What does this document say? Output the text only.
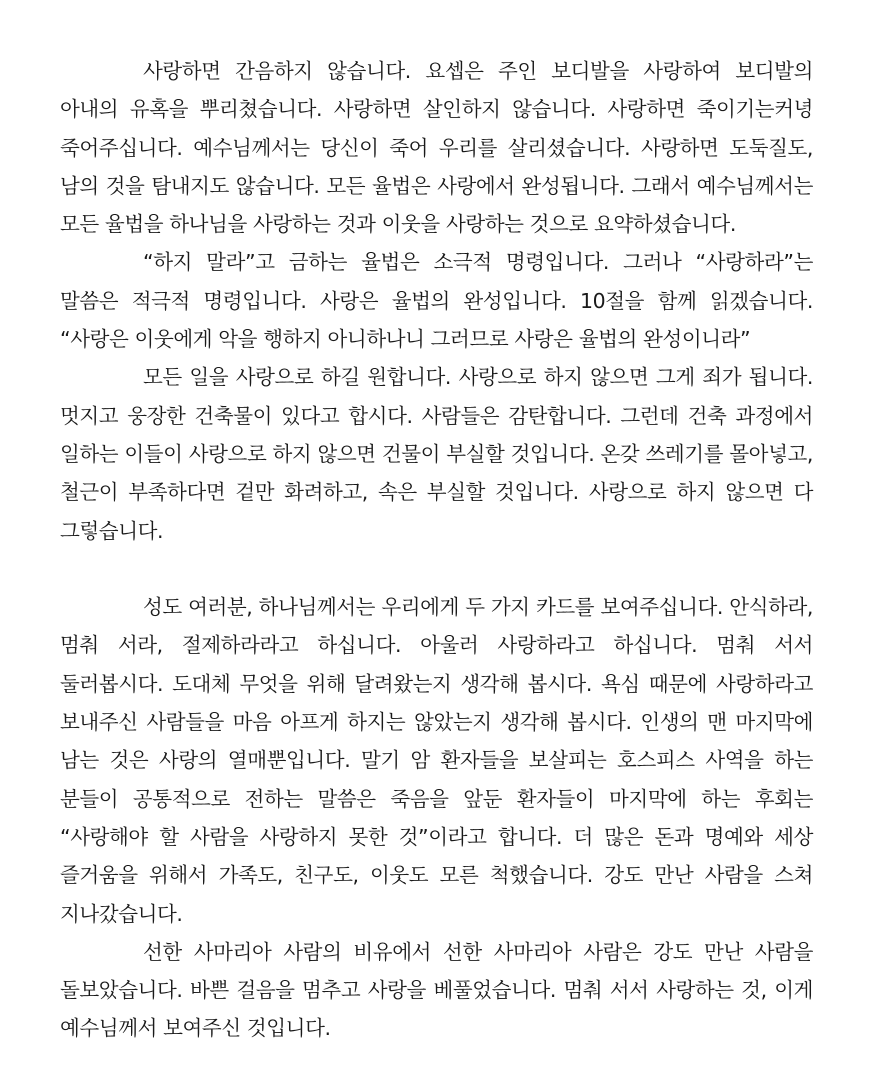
사랑하면 간음하지 않습니다. 요셉은 주인 보디발을 사랑하여 보디발의 아내의 유혹을 뿌리쳤습니다. 사랑하면 살인하지 않습니다. 사랑하면 죽이기는커녕 죽어주십니다. 예수님께서는 당신이 죽어 우리를 살리셨습니다. 사랑하면 도둑질도, 남의 것을 탐내지도 않습니다. 모든 율법은 사랑에서 완성됩니다. 그래서 예수님께서는 모든 율법을 하나님을 사랑하는 것과 이웃을 사랑하는 것으로 요약하셨습니다.

“하지 말라”고 금하는 율법은 소극적 명령입니다. 그러나 “사랑하라”는 말씀은 적극적 명령입니다. 사랑은 율법의 완성입니다. 10절을 함께 읽겠습니다. “사랑은 이웃에게 악을 행하지 아니하나니 그러므로 사랑은 율법의 완성이니라”

모든 일을 사랑으로 하길 원합니다. 사랑으로 하지 않으면 그게 죄가 됩니다. 멋지고 웅장한 건축물이 있다고 합시다. 사람들은 감탄합니다. 그런데 건축 과정에서 일하는 이들이 사랑으로 하지 않으면 건물이 부실할 것입니다. 온갖 쓰레기를 몰아넣고, 철근이 부족하다면 겉만 화려하고, 속은 부실할 것입니다. 사랑으로 하지 않으면 다 그렇습니다.

성도 여러분, 하나님께서는 우리에게 두 가지 카드를 보여주십니다. 안식하라, 멈춰 서라, 절제하라라고 하십니다. 아울러 사랑하라고 하십니다. 멈춰 서서 둘러봅시다. 도대체 무엇을 위해 달려왔는지 생각해 봅시다. 욕심 때문에 사랑하라고 보내주신 사람들을 마음 아프게 하지는 않았는지 생각해 봅시다. 인생의 맨 마지막에 남는 것은 사랑의 열매뿐입니다. 말기 암 환자들을 보살피는 호스피스 사역을 하는 분들이 공통적으로 전하는 말씀은 죽음을 앞둔 환자들이 마지막에 하는 후회는 “사랑해야 할 사람을 사랑하지 못한 것”이라고 합니다. 더 많은 돈과 명예와 세상 즐거움을 위해서 가족도, 친구도, 이웃도 모른 척했습니다. 강도 만난 사람을 스쳐 지나갔습니다.

선한 사마리아 사람의 비유에서 선한 사마리아 사람은 강도 만난 사람을 돌보았습니다. 바쁜 걸음을 멈추고 사랑을 베풀었습니다. 멈춰 서서 사랑하는 것, 이게 예수님께서 보여주신 것입니다.
